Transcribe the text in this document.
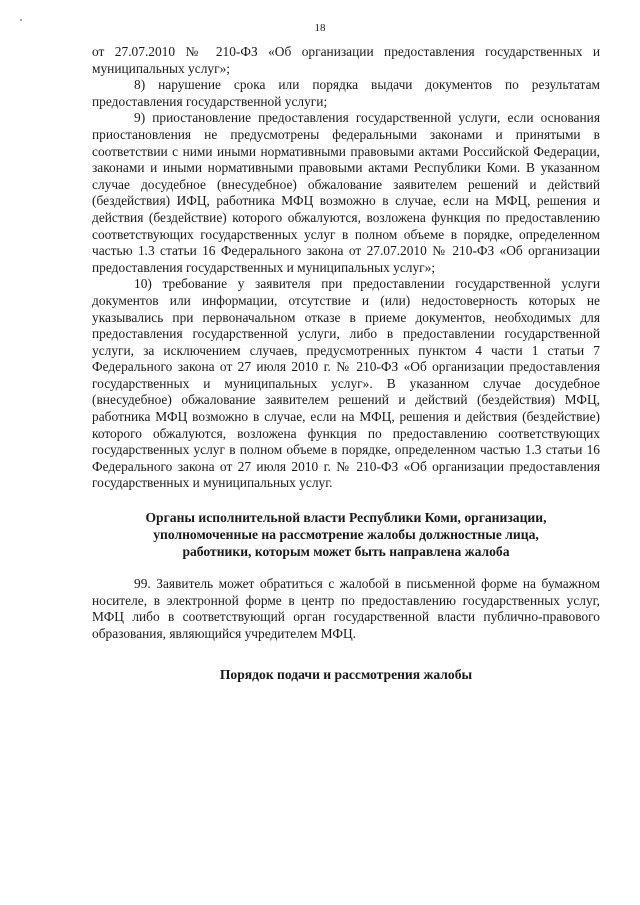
18

от 27.07.2010 № 210-ФЗ «Об организации предоставления государственных и муниципальных услуг»;

8) нарушение срока или порядка выдачи документов по результатам предоставления государственной услуги;

9) приостановление предоставления государственной услуги, если основания приостановления не предусмотрены федеральными законами и принятыми в соответствии с ними иными нормативными правовыми актами Российской Федерации, законами и иными нормативными правовыми актами Республики Коми. В указанном случае досудебное (внесудебное) обжалование заявителем решений и действий (бездействия) ИФЦ, работника МФЦ возможно в случае, если на МФЦ, решения и действия (бездействие) которого обжалуются, возложена функция по предоставлению соответствующих государственных услуг в полном объеме в порядке, определенном частью 1.3 статьи 16 Федерального закона от 27.07.2010 № 210-ФЗ «Об организации предоставления государственных и муниципальных услуг»;

10) требование у заявителя при предоставлении государственной услуги документов или информации, отсутствие и (или) недостоверность которых не указывались при первоначальном отказе в приеме документов, необходимых для предоставления государственной услуги, либо в предоставлении государственной услуги, за исключением случаев, предусмотренных пунктом 4 части 1 статьи 7 Федерального закона от 27 июля 2010 г. № 210-ФЗ «Об организации предоставления государственных и муниципальных услуг». В указанном случае досудебное (внесудебное) обжалование заявителем решений и действий (бездействия) МФЦ, работника МФЦ возможно в случае, если на МФЦ, решения и действия (бездействие) которого обжалуются, возложена функция по предоставлению соответствующих государственных услуг в полном объеме в порядке, определенном частью 1.3 статьи 16 Федерального закона от 27 июля 2010 г. № 210-ФЗ «Об организации предоставления государственных и муниципальных услуг.

Органы исполнительной власти Республики Коми, организации,
уполномоченные на рассмотрение жалобы должностные лица,
работники, которым может быть направлена жалоба

99. Заявитель может обратиться с жалобой в письменной форме на бумажном носителе, в электронной форме в центр по предоставлению государственных услуг, МФЦ либо в соответствующий орган государственной власти публично-правового образования, являющийся учредителем МФЦ.

Порядок подачи и рассмотрения жалобы
